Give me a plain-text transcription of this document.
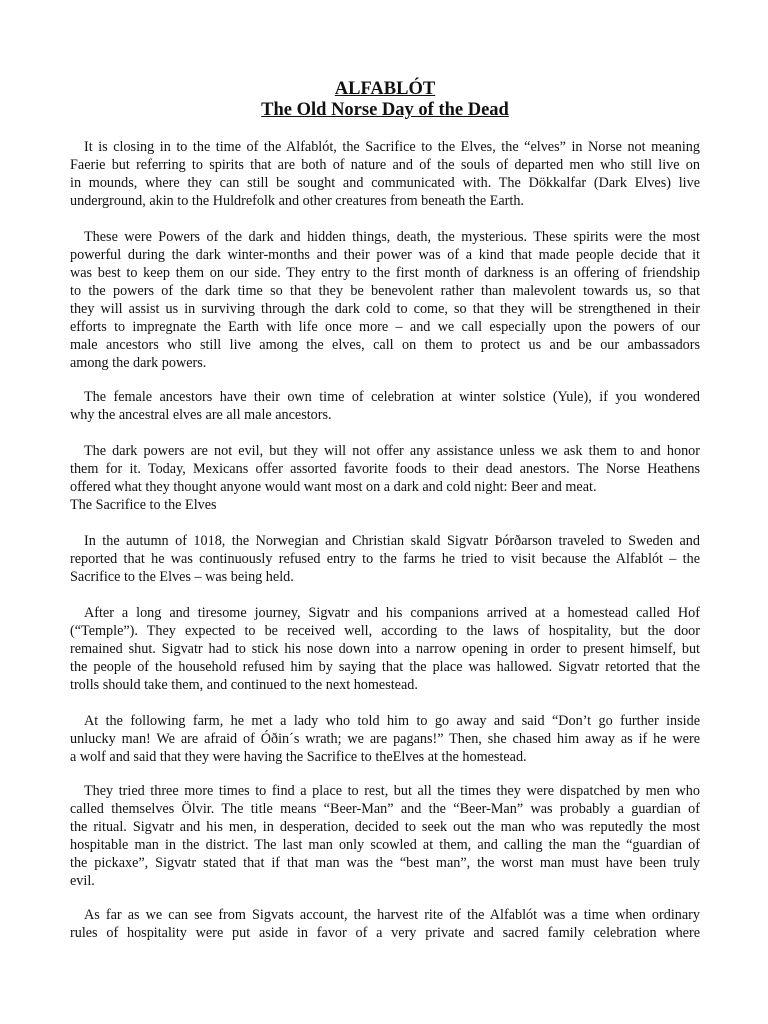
ALFABLÓT
The Old Norse Day of the Dead
It is closing in to the time of the Alfablót, the Sacrifice to the Elves, the “elves” in Norse not meaning
Faerie but referring to spirits that are both of nature and of the souls of departed men who still live on
in mounds, where they can still be sought and communicated with. The Dökkalfar (Dark Elves) live
underground, akin to the Huldrefolk and other creatures from beneath the Earth.
These were Powers of the dark and hidden things, death, the mysterious. These spirits were the most
powerful during the dark winter-months and their power was of a kind that made people decide that it
was best to keep them on our side. They entry to the first month of darkness is an offering of friendship
to the powers of the dark time so that they be benevolent rather than malevolent towards us, so that
they will assist us in surviving through the dark cold to come, so that they will be strengthened in their
efforts to impregnate the Earth with life once more – and we call especially upon the powers of our
male ancestors who still live among the elves, call on them to protect us and be our ambassadors
among the dark powers.
The female ancestors have their own time of celebration at winter solstice (Yule), if you wondered
why the ancestral elves are all male ancestors.
The dark powers are not evil, but they will not offer any assistance unless we ask them to and honor
them for it. Today, Mexicans offer assorted favorite foods to their dead anestors. The Norse Heathens
offered what they thought anyone would want most on a dark and cold night: Beer and meat.
The Sacrifice to the Elves
In the autumn of 1018, the Norwegian and Christian skald Sigvatr Þórðarson traveled to Sweden and
reported that he was continuously refused entry to the farms he tried to visit because the Alfablót – the
Sacrifice to the Elves – was being held.
After a long and tiresome journey, Sigvatr and his companions arrived at a homestead called Hof
(“Temple”). They expected to be received well, according to the laws of hospitality, but the door
remained shut. Sigvatr had to stick his nose down into a narrow opening in order to present himself, but
the people of the household refused him by saying that the place was hallowed. Sigvatr retorted that the
trolls should take them, and continued to the next homestead.
At the following farm, he met a lady who told him to go away and said “Don’t go further inside
unlucky man! We are afraid of Óðin´s wrath; we are pagans!” Then, she chased him away as if he were
a wolf and said that they were having the Sacrifice to theElves at the homestead.
They tried three more times to find a place to rest, but all the times they were dispatched by men who
called themselves Ölvir. The title means “Beer-Man” and the “Beer-Man” was probably a guardian of
the ritual. Sigvatr and his men, in desperation, decided to seek out the man who was reputedly the most
hospitable man in the district. The last man only scowled at them, and calling the man the “guardian of
the pickaxe”, Sigvatr stated that if that man was the “best man”, the worst man must have been truly
evil.
As far as we can see from Sigvats account, the harvest rite of the Alfablót was a time when ordinary
rules of hospitality were put aside in favor of a very private and sacred family celebration where
